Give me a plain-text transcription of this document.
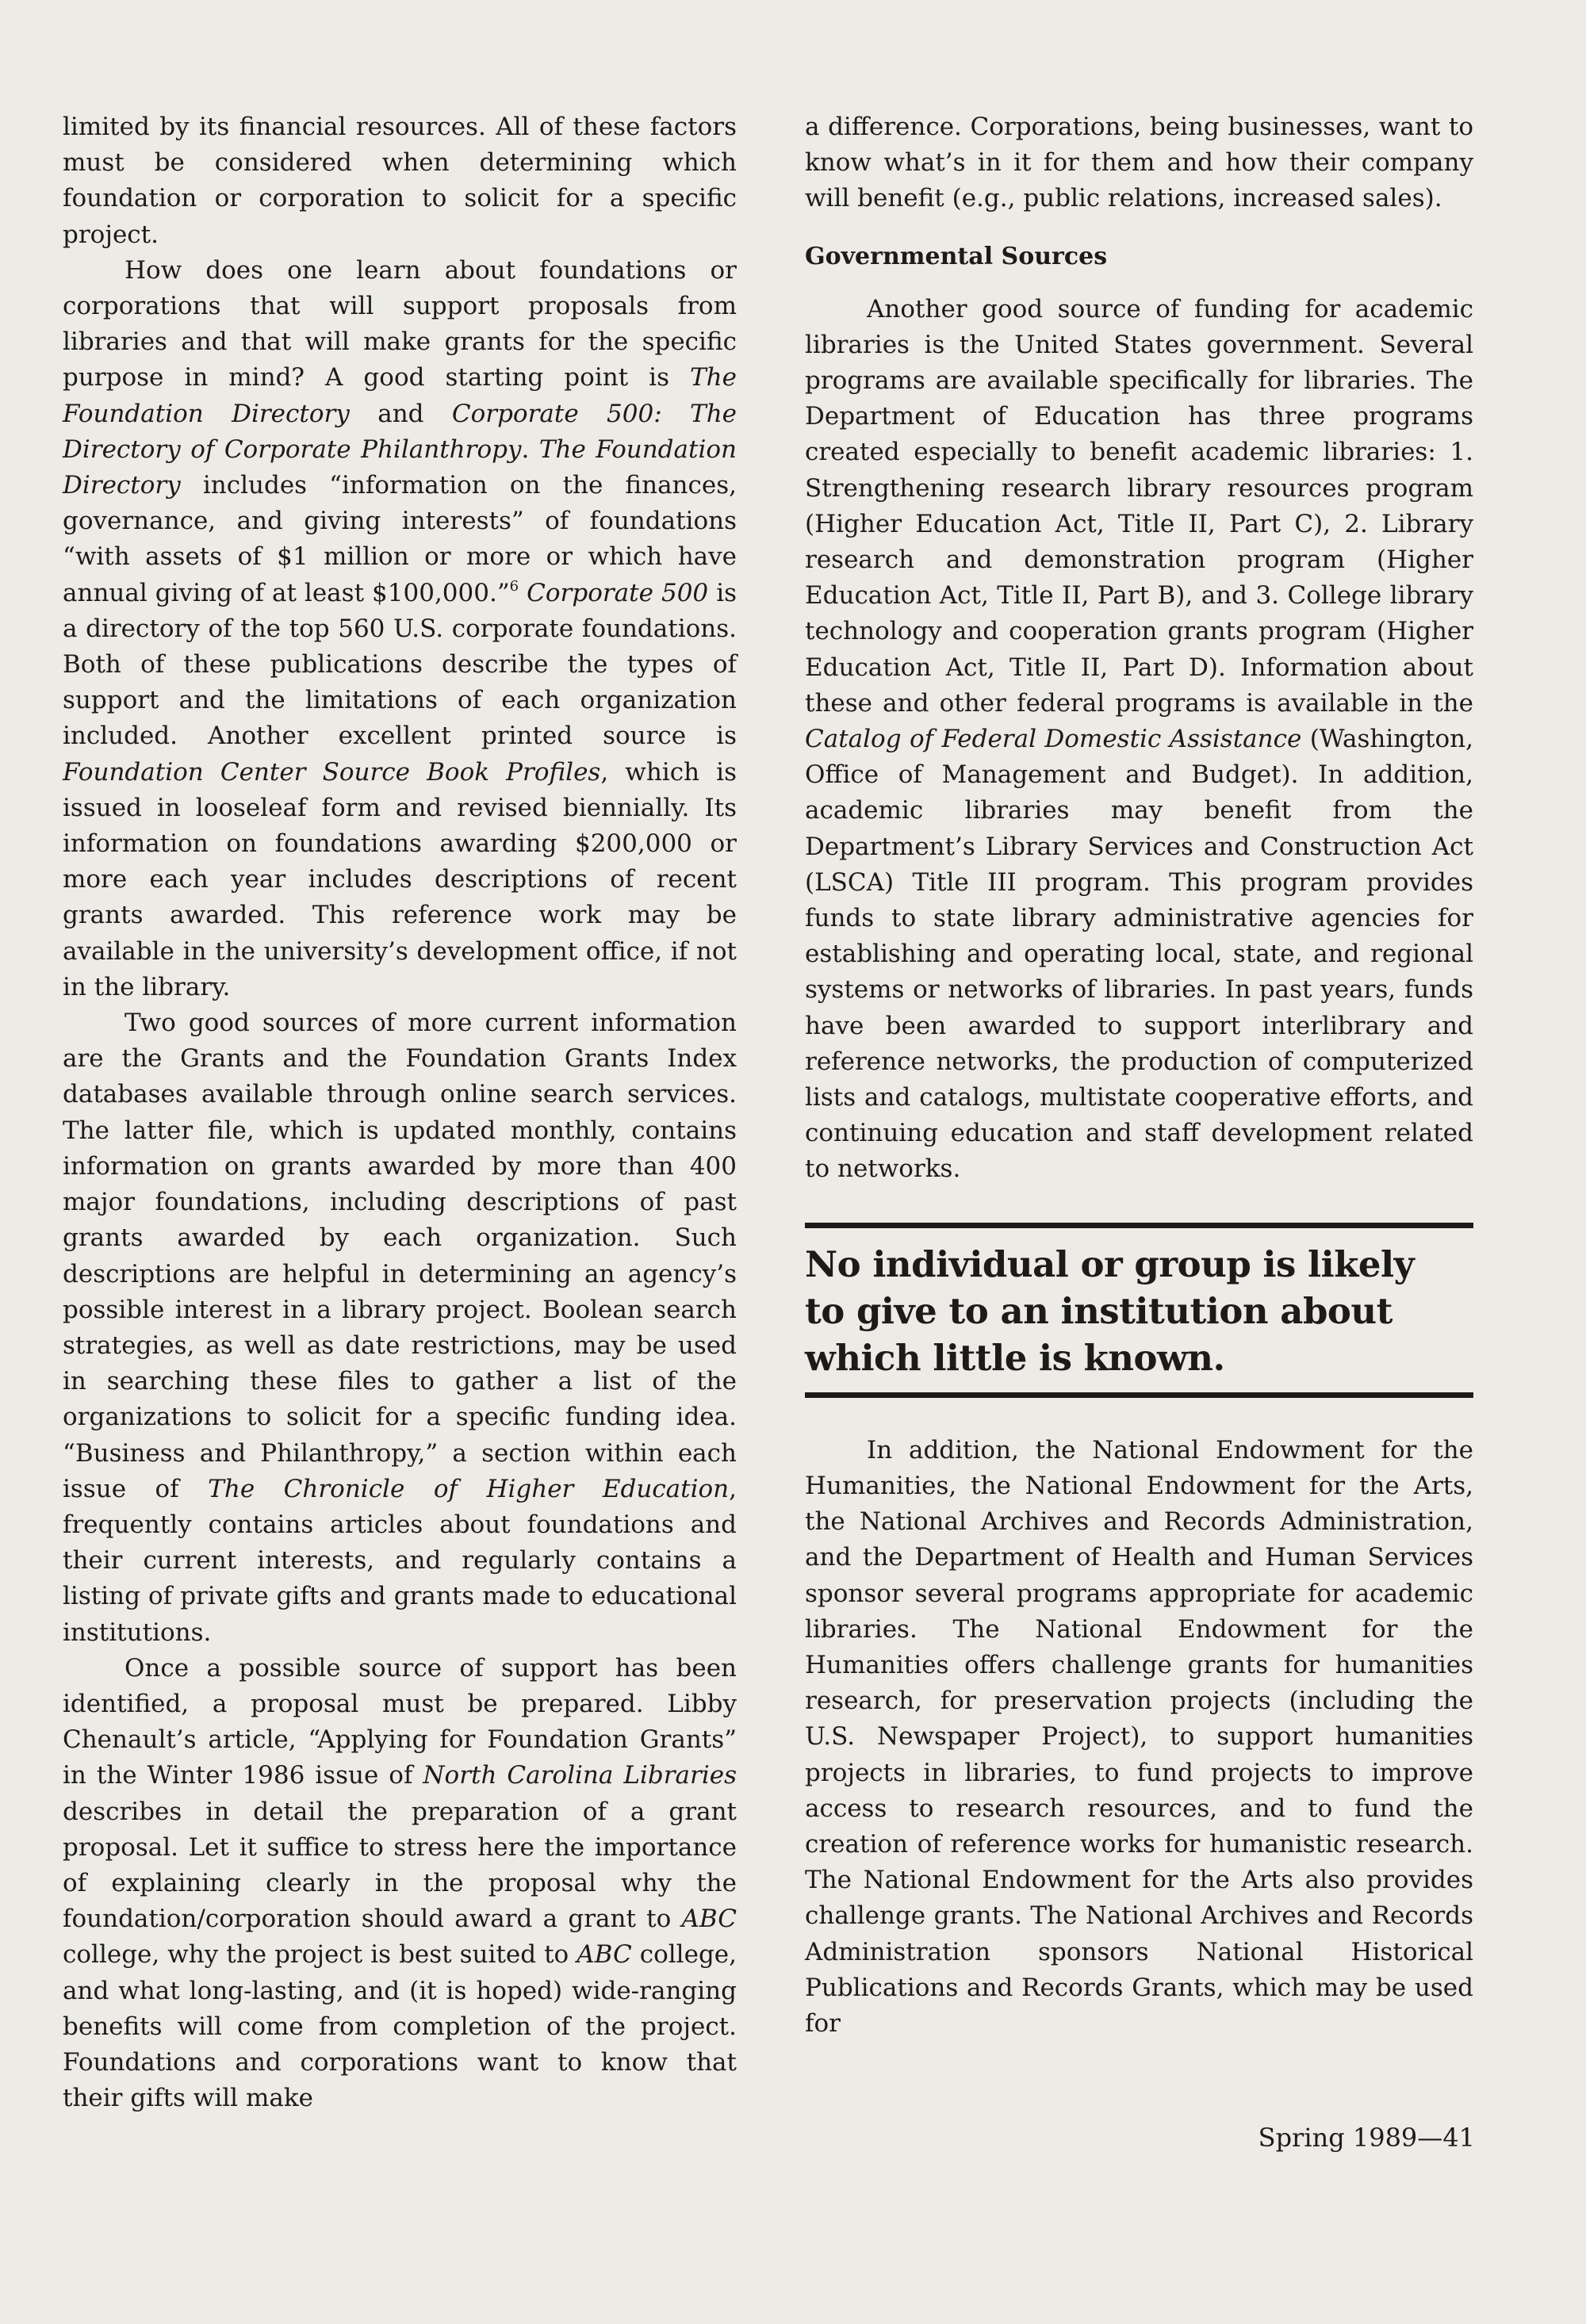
limited by its financial resources. All of these factors must be considered when determining which foundation or corporation to solicit for a specific project.

How does one learn about foundations or corporations that will support proposals from libraries and that will make grants for the specific purpose in mind? A good starting point is The Foundation Directory and Corporate 500: The Directory of Corporate Philanthropy. The Foundation Directory includes “information on the finances, governance, and giving interests” of foundations “with assets of $1 million or more or which have annual giving of at least $100,000.”$^6$ Corporate 500 is a directory of the top 560 U.S. corporate foundations. Both of these publications describe the types of support and the limitations of each organization included. Another excellent printed source is Foundation Center Source Book Profiles, which is issued in looseleaf form and revised biennially. Its information on foundations awarding $200,000 or more each year includes descriptions of recent grants awarded. This reference work may be available in the university’s development office, if not in the library.

Two good sources of more current information are the Grants and the Foundation Grants Index databases available through online search services. The latter file, which is updated monthly, contains information on grants awarded by more than 400 major foundations, including descriptions of past grants awarded by each organization. Such descriptions are helpful in determining an agency’s possible interest in a library project. Boolean search strategies, as well as date restrictions, may be used in searching these files to gather a list of the organizations to solicit for a specific funding idea. “Business and Philanthropy,” a section within each issue of The Chronicle of Higher Education, frequently contains articles about foundations and their current interests, and regularly contains a listing of private gifts and grants made to educational institutions.

Once a possible source of support has been identified, a proposal must be prepared. Libby Chenault’s article, “Applying for Foundation Grants” in the Winter 1986 issue of North Carolina Libraries describes in detail the preparation of a grant proposal. Let it suffice to stress here the importance of explaining clearly in the proposal why the foundation/corporation should award a grant to ABC college, why the project is best suited to ABC college, and what long-lasting, and (it is hoped) wide-ranging benefits will come from completion of the project. Foundations and corporations want to know that their gifts will make

a difference. Corporations, being businesses, want to know what’s in it for them and how their company will benefit (e.g., public relations, increased sales).

Governmental Sources

Another good source of funding for academic libraries is the United States government. Several programs are available specifically for libraries. The Department of Education has three programs created especially to benefit academic libraries: 1. Strengthening research library resources program (Higher Education Act, Title II, Part C), 2. Library research and demonstration program (Higher Education Act, Title II, Part B), and 3. College library technology and cooperation grants program (Higher Education Act, Title II, Part D). Information about these and other federal programs is available in the Catalog of Federal Domestic Assistance (Washington, Office of Management and Budget). In addition, academic libraries may benefit from the Department’s Library Services and Construction Act (LSCA) Title III program. This program provides funds to state library administrative agencies for establishing and operating local, state, and regional systems or networks of libraries. In past years, funds have been awarded to support interlibrary and reference networks, the production of computerized lists and catalogs, multistate cooperative efforts, and continuing education and staff development related to networks.

No individual or group is likely
to give to an institution about
which little is known.

In addition, the National Endowment for the Humanities, the National Endowment for the Arts, the National Archives and Records Administration, and the Department of Health and Human Services sponsor several programs appropriate for academic libraries. The National Endowment for the Humanities offers challenge grants for humanities research, for preservation projects (including the U.S. Newspaper Project), to support humanities projects in libraries, to fund projects to improve access to research resources, and to fund the creation of reference works for humanistic research. The National Endowment for the Arts also provides challenge grants. The National Archives and Records Administration sponsors National Historical Publications and Records Grants, which may be used for

Spring 1989—41
